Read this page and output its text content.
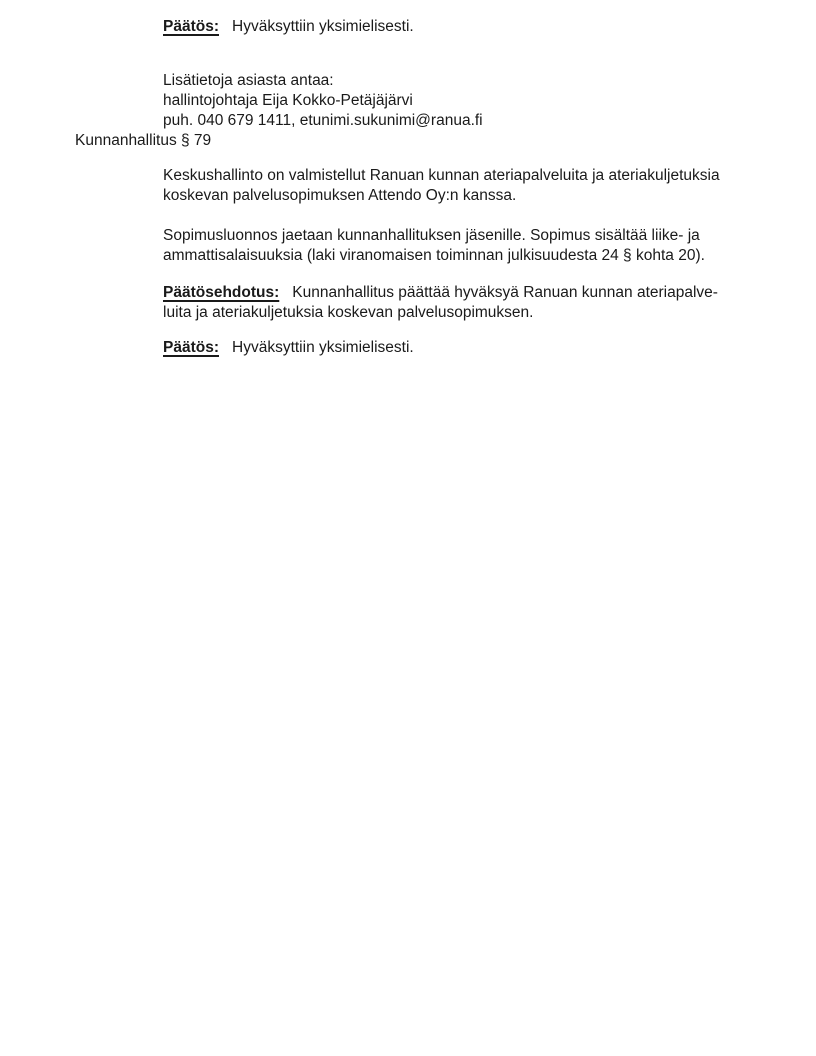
Päätös: Hyväksyttiin yksimielisesti.
Lisätietoja asiasta antaa:
hallintojohtaja Eija Kokko-Petäjäjärvi
puh. 040 679 1411, etunimi.sukunimi@ranua.fi
Kunnanhallitus § 79
Keskushallinto on valmistellut Ranuan kunnan ateriapalveluita ja ateriakuljetuksia
koskevan palvelusopimuksen Attendo Oy:n kanssa.
Sopimusluonnos jaetaan kunnanhallituksen jäsenille. Sopimus sisältää liike- ja
ammattisalaisuuksia (laki viranomaisen toiminnan julkisuudesta 24 § kohta 20).
Päätösehdotus: Kunnanhallitus päättää hyväksyä Ranuan kunnan ateriapalve-
luita ja ateriakuljetuksia koskevan palvelusopimuksen.
Päätös: Hyväksyttiin yksimielisesti.
